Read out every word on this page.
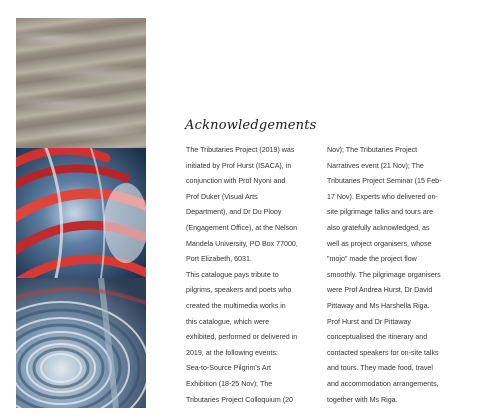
Acknowledgements
The Tributaries Project (2019) was
initiated by Prof Hurst (ISACA), in
conjunction with Prof Nyoni and
Prof Duker (Visual Arts
Department), and Dr Du Plooy
(Engagement Office), at the Nelson
Mandela University, PO Box 77000,
Port Elizabeth, 6031.
This catalogue pays tribute to
pilgrims, speakers and poets who
created the multimedia works in
this catalogue, which were
exhibited, performed or delivered in
2019, at the following events:
Sea-to-Source Pilgrim's Art
Exhibition (18-25 Nov); The
Tributaries Project Colloquium (20
Nov); The Tributaries Project
Narratives event (21 Nov); The
Tributaries Project Seminar (15 Feb-
17 Nov). Experts who delivered on-
site pilgrimage talks and tours are
also gratefully acknowledged, as
well as project organisers, whose
"mojo" made the project flow
smoothly. The pilgrimage organisers
were Prof Andrea Hurst, Dr David
Pittaway and Ms Harshella Riga.
Prof Hurst and Dr Pittaway
conceptualised the itinerary and
contacted speakers for on-site talks
and tours. They made food, travel
and accommodation arrangements,
together with Ms Riga.
